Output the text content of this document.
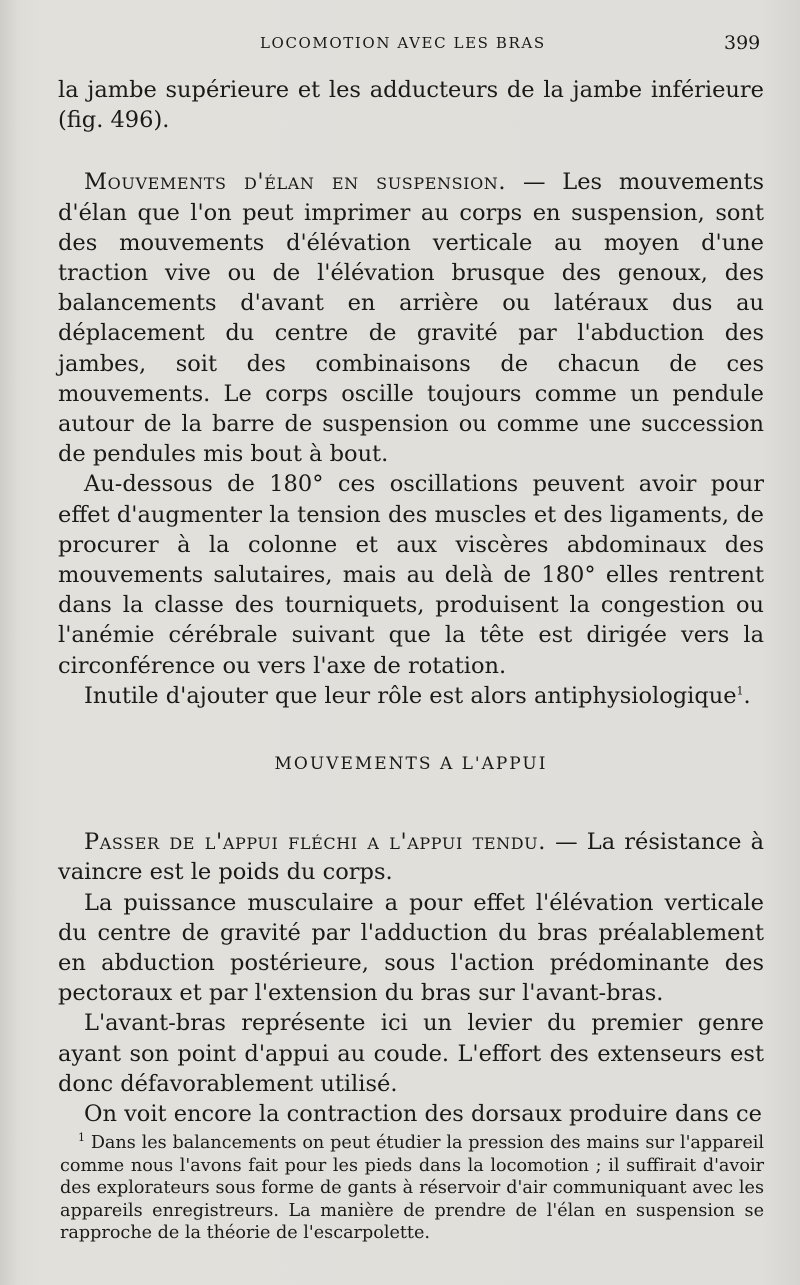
LOCOMOTION AVEC LES BRAS	399

la jambe supérieure et les adducteurs de la jambe inférieure (fig. 496).

Mouvements d'élan en suspension. — Les mouvements d'élan que l'on peut imprimer au corps en suspension, sont des mouvements d'élévation verticale au moyen d'une traction vive ou de l'élévation brusque des genoux, des balancements d'avant en arrière ou latéraux dus au déplacement du centre de gravité par l'abduction des jambes, soit des combinaisons de chacun de ces mouvements. Le corps oscille toujours comme un pendule autour de la barre de suspension ou comme une succession de pendules mis bout à bout.

Au-dessous de 180° ces oscillations peuvent avoir pour effet d'augmenter la tension des muscles et des ligaments, de procurer à la colonne et aux viscères abdominaux des mouvements salutaires, mais au delà de 180° elles rentrent dans la classe des tourniquets, produisent la congestion ou l'anémie cérébrale suivant que la tête est dirigée vers la circonférence ou vers l'axe de rotation.

Inutile d'ajouter que leur rôle est alors antiphysiologique$^1$.

MOUVEMENTS A L'APPUI

Passer de l'appui fléchi a l'appui tendu. — La résistance à vaincre est le poids du corps.

La puissance musculaire a pour effet l'élévation verticale du centre de gravité par l'adduction du bras préalablement en abduction postérieure, sous l'action prédominante des pectoraux et par l'extension du bras sur l'avant-bras.

L'avant-bras représente ici un levier du premier genre ayant son point d'appui au coude. L'effort des extenseurs est donc défavorablement utilisé.

On voit encore la contraction des dorsaux produire dans ce

$^1$ Dans les balancements on peut étudier la pression des mains sur l'appareil comme nous l'avons fait pour les pieds dans la locomotion ; il suffirait d'avoir des explorateurs sous forme de gants à réservoir d'air communiquant avec les appareils enregistreurs. La manière de prendre de l'élan en suspension se rapproche de la théorie de l'escarpolette.
